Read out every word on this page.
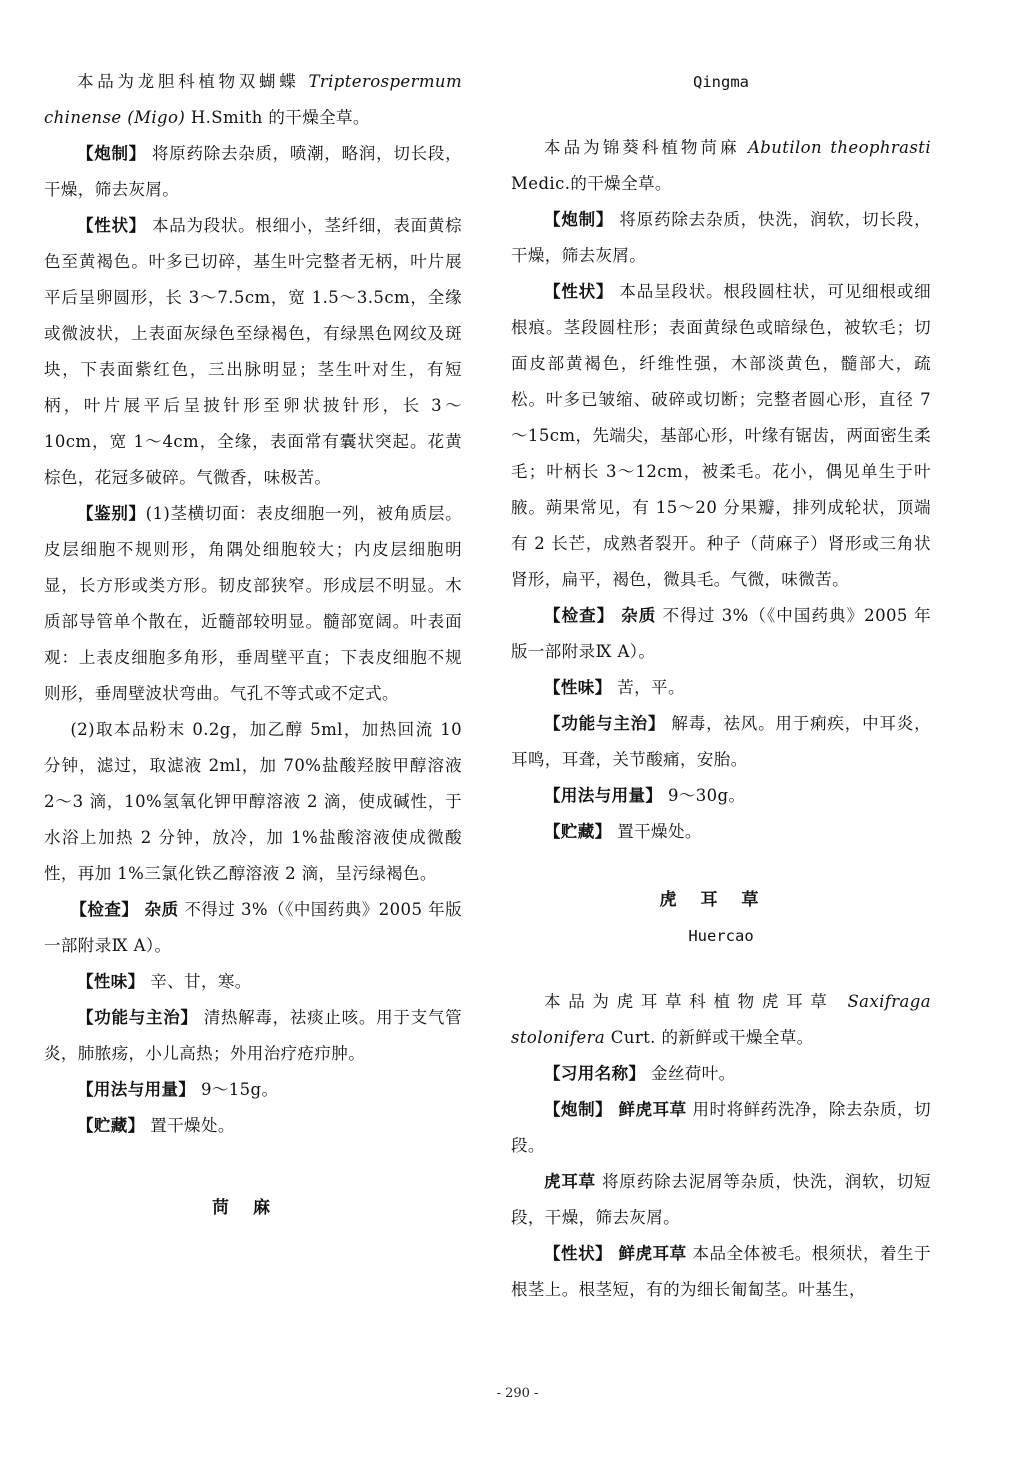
本品为龙胆科植物双蝴蝶 Tripterospermum chinense (Migo) H.Smith 的干燥全草。

【炮制】 将原药除去杂质，喷潮，略润，切长段，干燥，筛去灰屑。

【性状】 本品为段状。根细小，茎纤细，表面黄棕色至黄褐色。叶多已切碎，基生叶完整者无柄，叶片展平后呈卵圆形，长 3～7.5cm，宽 1.5～3.5cm，全缘或微波状，上表面灰绿色至绿褐色，有绿黑色网纹及斑块，下表面紫红色，三出脉明显；茎生叶对生，有短柄，叶片展平后呈披针形至卵状披针形，长 3～10cm，宽 1～4cm，全缘，表面常有囊状突起。花黄棕色，花冠多破碎。气微香，味极苦。

【鉴别】(1)茎横切面：表皮细胞一列，被角质层。皮层细胞不规则形，角隅处细胞较大；内皮层细胞明显，长方形或类方形。韧皮部狭窄。形成层不明显。木质部导管单个散在，近髓部较明显。髓部宽阔。叶表面观：上表皮细胞多角形，垂周壁平直；下表皮细胞不规则形，垂周壁波状弯曲。气孔不等式或不定式。

(2)取本品粉末 0.2g，加乙醇 5ml，加热回流 10 分钟，滤过，取滤液 2ml，加 70%盐酸羟胺甲醇溶液 2～3 滴，10%氢氧化钾甲醇溶液 2 滴，使成碱性，于水浴上加热 2 分钟，放冷，加 1%盐酸溶液使成微酸性，再加 1%三氯化铁乙醇溶液 2 滴，呈污绿褐色。

【检查】 杂质 不得过 3%（《中国药典》2005 年版一部附录Ⅸ A）。

【性味】 辛、甘，寒。

【功能与主治】 清热解毒，祛痰止咳。用于支气管炎，肺脓疡，小儿高热；外用治疗疮疖肿。

【用法与用量】 9～15g。

【贮藏】 置干燥处。

苘麻

Qingma

本品为锦葵科植物苘麻 Abutilon theophrasti Medic.的干燥全草。

【炮制】 将原药除去杂质，快洗，润软，切长段，干燥，筛去灰屑。

【性状】 本品呈段状。根段圆柱状，可见细根或细根痕。茎段圆柱形；表面黄绿色或暗绿色，被软毛；切面皮部黄褐色，纤维性强，木部淡黄色，髓部大，疏松。叶多已皱缩、破碎或切断；完整者圆心形，直径 7～15cm，先端尖，基部心形，叶缘有锯齿，两面密生柔毛；叶柄长 3～12cm，被柔毛。花小，偶见单生于叶腋。蒴果常见，有 15～20 分果瓣，排列成轮状，顶端有 2 长芒，成熟者裂开。种子（苘麻子）肾形或三角状肾形，扁平，褐色，微具毛。气微，味微苦。

【检查】 杂质 不得过 3%（《中国药典》2005 年版一部附录Ⅸ A）。

【性味】 苦，平。

【功能与主治】 解毒，祛风。用于痢疾，中耳炎，耳鸣，耳聋，关节酸痛，安胎。

【用法与用量】 9～30g。

【贮藏】 置干燥处。

虎耳草

Huercao

本品为虎耳草科植物虎耳草 Saxifraga stolonifera Curt. 的新鲜或干燥全草。

【习用名称】 金丝荷叶。

【炮制】 鲜虎耳草 用时将鲜药洗净，除去杂质，切段。

虎耳草 将原药除去泥屑等杂质，快洗，润软，切短段，干燥，筛去灰屑。

【性状】 鲜虎耳草 本品全体被毛。根须状，着生于根茎上。根茎短，有的为细长匍匐茎。叶基生，

- 290 -
